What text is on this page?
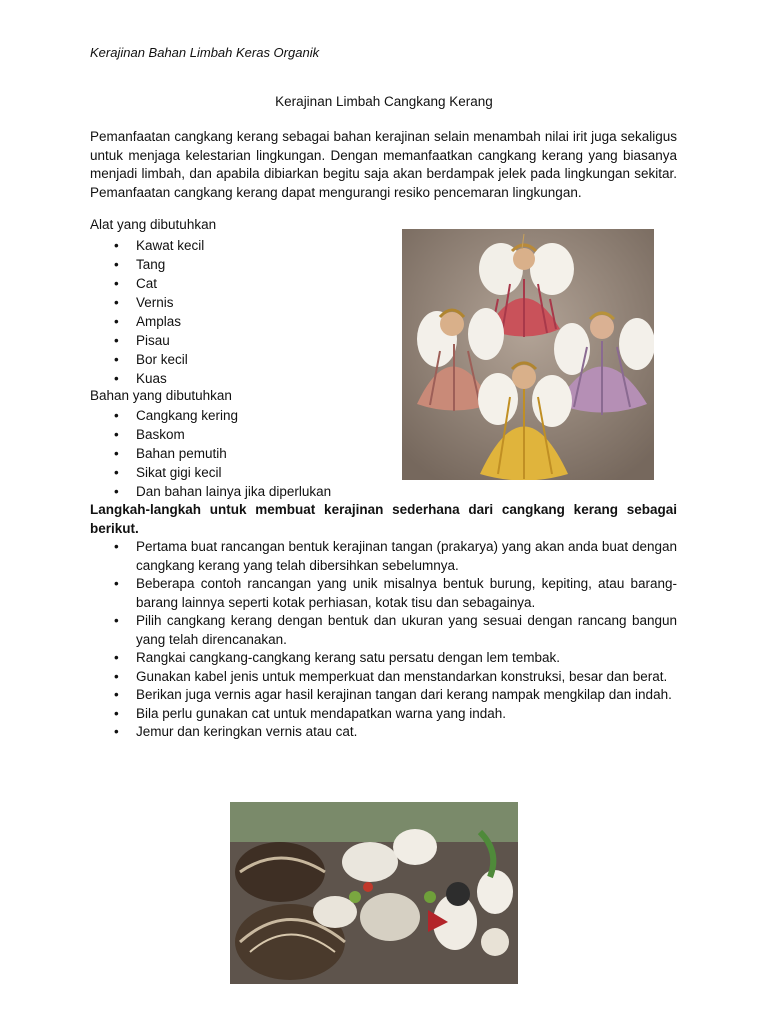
Kerajinan Bahan Limbah Keras Organik
Kerajinan Limbah Cangkang Kerang
Pemanfaatan cangkang kerang sebagai bahan kerajinan selain menambah nilai irit juga sekaligus untuk menjaga kelestarian lingkungan. Dengan memanfaatkan cangkang kerang yang biasanya menjadi limbah, dan apabila dibiarkan begitu saja akan berdampak jelek pada lingkungan sekitar. Pemanfaatan cangkang kerang dapat mengurangi resiko pencemaran lingkungan.
Alat yang dibutuhkan
• Kawat kecil
• Tang
• Cat
• Vernis
• Amplas
• Pisau
• Bor kecil
• Kuas
Bahan yang dibutuhkan
• Cangkang kering
• Baskom
• Bahan pemutih
• Sikat gigi kecil
• Dan bahan lainya jika diperlukan
Langkah-langkah untuk membuat kerajinan sederhana dari cangkang kerang sebagai berikut.
• Pertama buat rancangan bentuk kerajinan tangan (prakarya) yang akan anda buat dengan cangkang kerang yang telah dibersihkan sebelumnya.
• Beberapa contoh rancangan yang unik misalnya bentuk burung, kepiting, atau barang-barang lainnya seperti kotak perhiasan, kotak tisu dan sebagainya.
• Pilih cangkang kerang dengan bentuk dan ukuran yang sesuai dengan rancang bangun yang telah direncanakan.
• Rangkai cangkang-cangkang kerang satu persatu dengan lem tembak.
• Gunakan kabel jenis untuk memperkuat dan menstandarkan konstruksi, besar dan berat.
• Berikan juga vernis agar hasil kerajinan tangan dari kerang nampak mengkilap dan indah.
• Bila perlu gunakan cat untuk mendapatkan warna yang indah.
• Jemur dan keringkan vernis atau cat.
